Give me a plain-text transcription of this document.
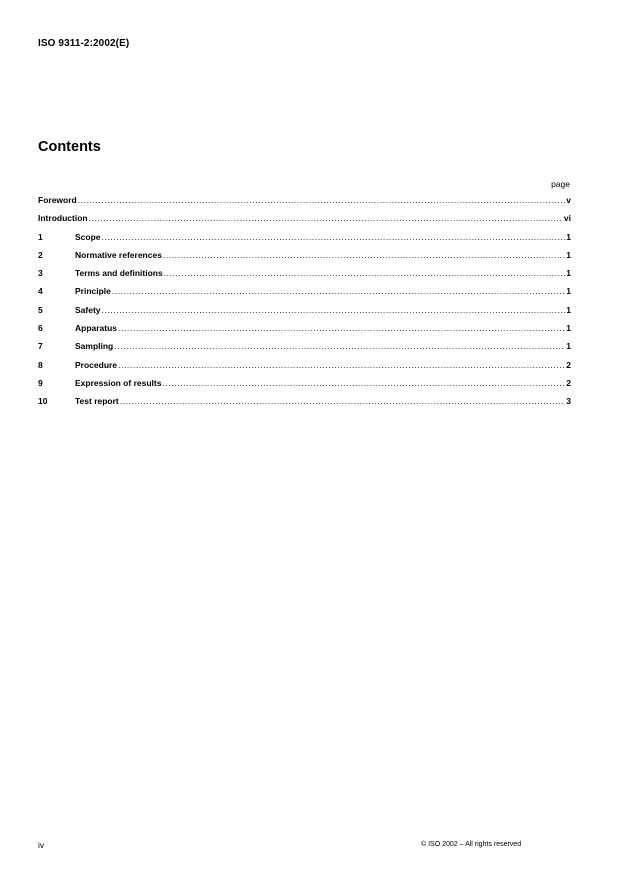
ISO 9311-2:2002(E)
Contents
page
Foreword .....	v
Introduction .....	vi
1	Scope .....	1
2	Normative references .....	1
3	Terms and definitions .....	1
4	Principle .....	1
5	Safety .....	1
6	Apparatus .....	1
7	Sampling .....	1
8	Procedure .....	2
9	Expression of results .....	2
10	Test report .....	3
iv	© ISO 2002 – All rights reserved
